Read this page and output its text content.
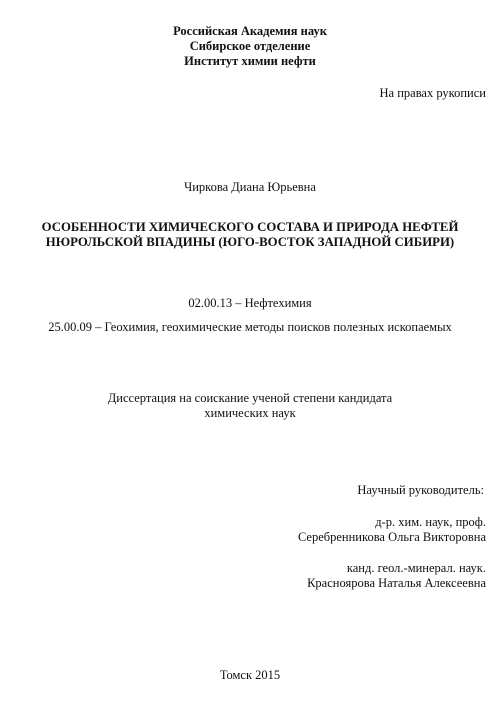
Российская Академия наук
Сибирское отделение
Институт химии нефти
На правах рукописи
Чиркова Диана Юрьевна
ОСОБЕННОСТИ ХИМИЧЕСКОГО СОСТАВА И ПРИРОДА НЕФТЕЙ
НЮРОЛЬСКОЙ ВПАДИНЫ (ЮГО-ВОСТОК ЗАПАДНОЙ СИБИРИ)
02.00.13 – Нефтехимия
25.00.09 – Геохимия, геохимические методы поисков полезных ископаемых
Диссертация на соискание ученой степени кандидата
химических наук
Научный руководитель:
д-р. хим. наук, проф.
Серебренникова Ольга Викторовна
канд. геол.-минерал. наук.
Красноярова Наталья Алексеевна
Томск 2015
